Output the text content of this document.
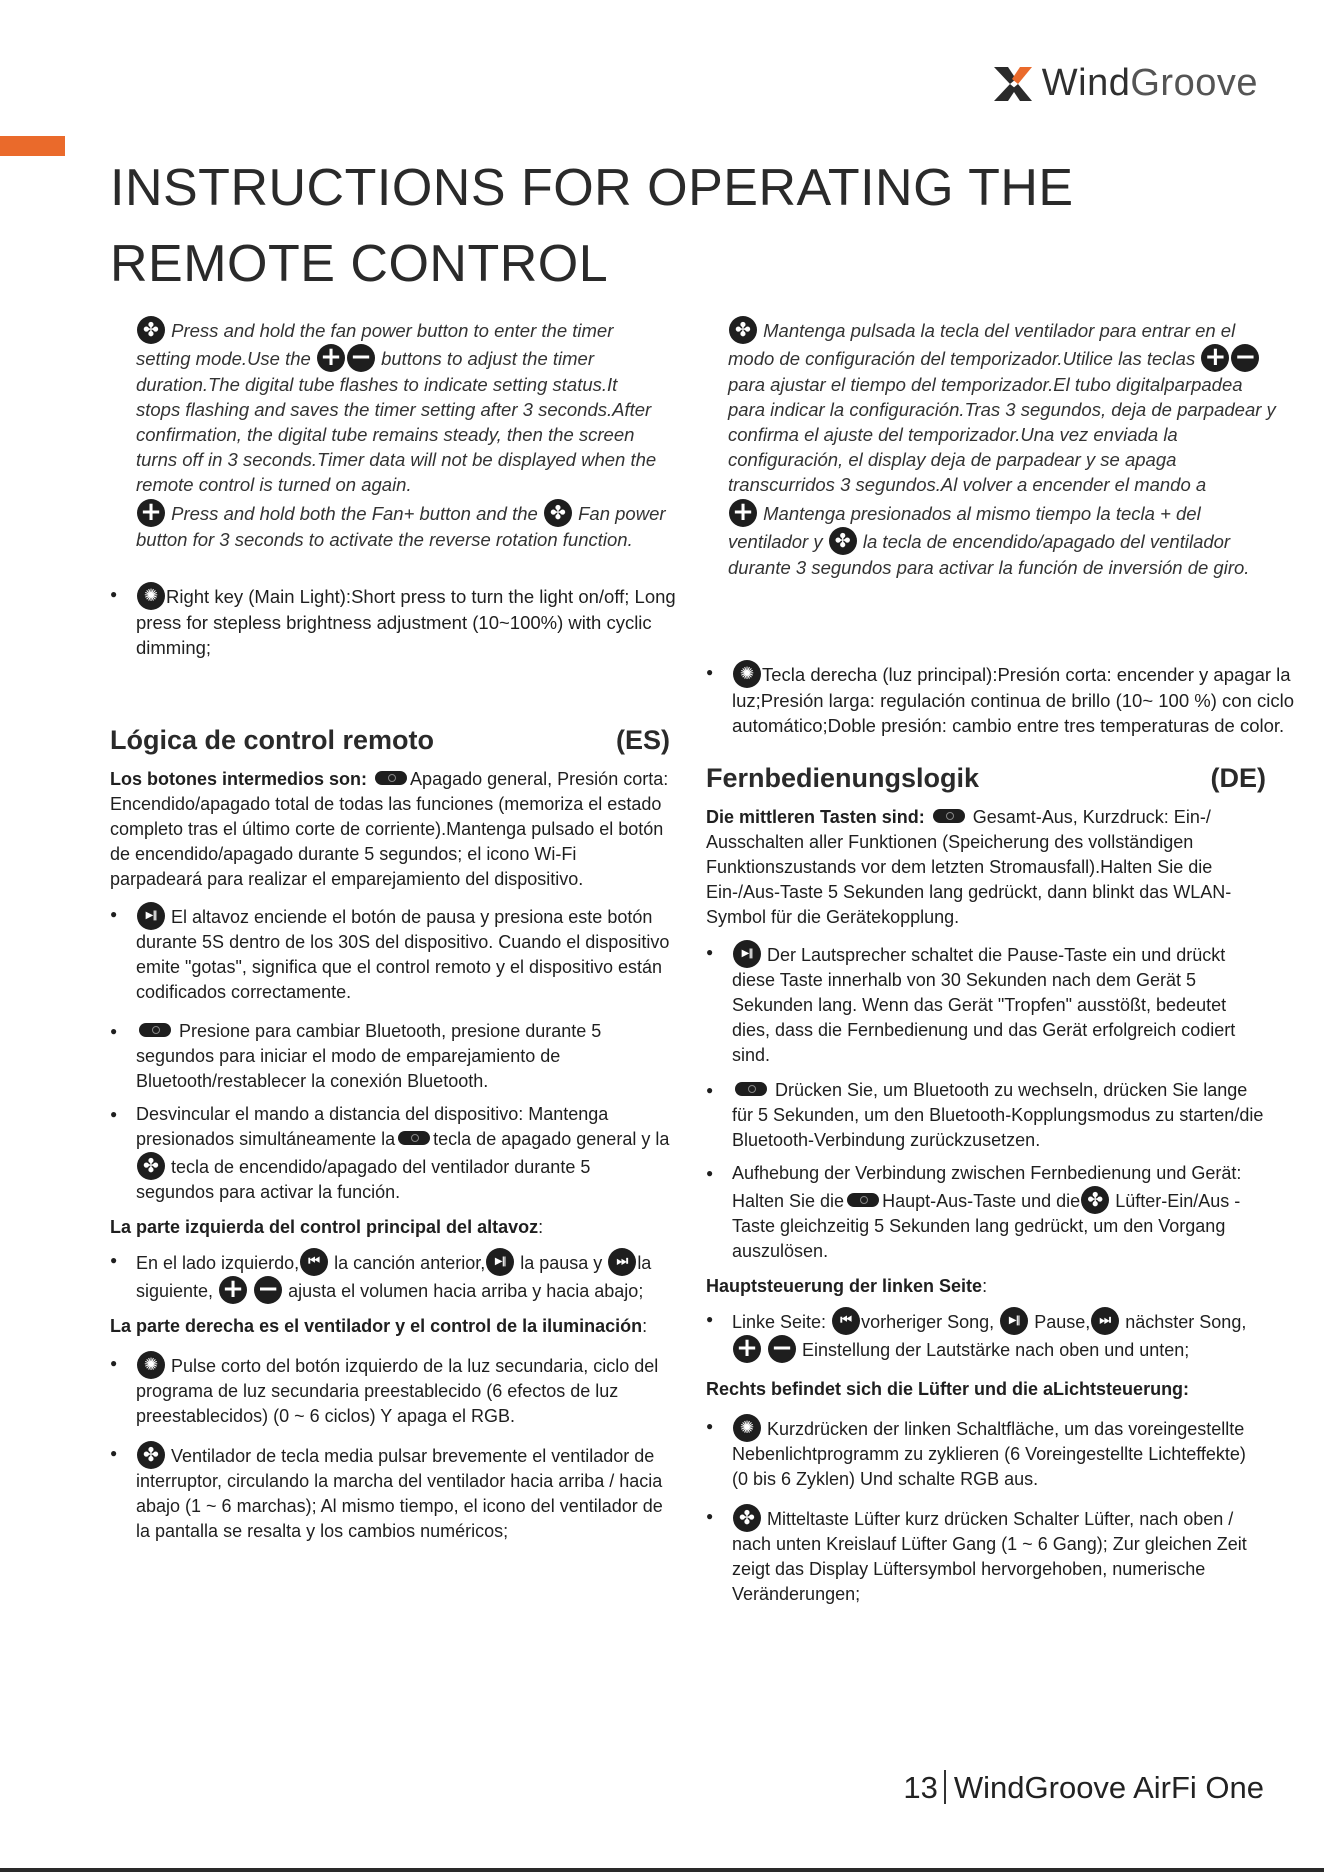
WindGroove
INSTRUCTIONS FOR OPERATING THE
REMOTE CONTROL

✤ Press and hold the fan power button to enter the timer setting mode.Use the + −	buttons to adjust the timer duration.The digital tube flashes to indicate setting status.It stops flashing and saves the timer setting after 3 seconds.After confirmation, the digital tube remains steady, then the screen turns off in 3 seconds.Timer data will not be displayed when the remote control is turned on again.

+ Press and hold both the Fan+ button and the ✤ Fan power button for 3 seconds to activate the reverse rotation function.

✺● Right key (Main Light):Short press to turn the light on/off; Long press for stepless brightness adjustment (10~100%) with cyclic dimming;

✤ Mantenga pulsada la tecla del ventilador para entrar en el modo de configuración del temporizador.Utilice las teclas +− para ajustar el tiempo del temporizador.El tubo digitalparpadea para indicar la configuración.Tras 3 segundos, deja de parpadear y confirma el ajuste del temporizador.Una vez enviada la configuración, el display deja de parpadear y se apaga transcurridos 3 segundos.Al volver a encender el mando a

+ Mantenga presionados al mismo tiempo la tecla + del ventilador y ✤ la tecla de encendido/apagado del ventilador durante 3 segundos para activar la función de inversión de giro.

✺● Tecla derecha (luz principal):Presión corta: encender y apagar la luz;Presión larga: regulación continua de brillo (10~ 100 %) con ciclo automático;Doble presión: cambio entre tres temperaturas de color.
Lógica de control remoto	(ES)

Los botones intermedios son: Apagado general, Presión corta: Encendido/apagado total de todas las funciones (memoriza el estado completo tras el último corte de corriente).Mantenga pulsado el botón de encendido/apagado durante 5 segundos; el icono Wi-Fi parpadeará para realizar el emparejamiento del dispositivo.

▶‖ ● El altavoz enciende el botón de pausa y presiona este botón durante 5S dentro de los 30S del dispositivo. Cuando el dispositivo emite "gotas", significa que el control remoto y el dispositivo están codificados correctamente.
● Presione para cambiar Bluetooth, presione durante 5 segundos para iniciar el modo de emparejamiento de Bluetooth/restablecer la conexión Bluetooth.
● Desvincular el mando a distancia del dispositivo: Mantenga presionados simultáneamente la tecla de apagado general y la ✤ tecla de encendido/apagado del ventilador durante 5 segundos para activar la función.

La parte izquierda del control principal del altavoz:

● En el lado izquierdo, ⏮ la canción anterior, ▶‖ la pausa y ⏭ la siguiente, + −	ajusta el volumen hacia arriba y hacia abajo;

La parte derecha es el ventilador y el control de la iluminación:

✺ ● Pulse corto del botón izquierdo de la luz secundaria, ciclo del programa de luz secundaria preestablecido (6 efectos de luz preestablecidos) (0 ~ 6 ciclos) Y apaga el RGB.
✤ ● Ventilador de tecla media pulsar brevemente el ventilador de interruptor, circulando la marcha del ventilador hacia arriba / hacia abajo (1 ~ 6 marchas); Al mismo tiempo, el icono del ventilador de la pantalla se resalta y los cambios numéricos;
Fernbedienungslogik	(DE)

Die mittleren Tasten sind:	Gesamt-Aus, Kurzdruck: Ein-/ Ausschalten aller Funktionen (Speicherung des vollständigen Funktionszustands vor dem letzten Stromausfall).Halten Sie die Ein-/Aus-Taste 5 Sekunden lang gedrückt, dann blinkt das WLAN-Symbol für die Gerätekopplung.

▶‖ ● Der Lautsprecher schaltet die Pause-Taste ein und drückt diese Taste innerhalb von 30 Sekunden nach dem Gerät 5 Sekunden lang. Wenn das Gerät "Tropfen" ausstößt, bedeutet dies, dass die Fernbedienung und das Gerät erfolgreich codiert sind.
● Drücken Sie, um Bluetooth zu wechseln, drücken Sie lange für 5 Sekunden, um den Bluetooth-Kopplungsmodus zu starten/die Bluetooth-Verbindung zurückzusetzen.
● Aufhebung der Verbindung zwischen Fernbedienung und Gerät: Halten Sie die Haupt-Aus-Taste und die ✤ Lüfter-Ein/Aus -Taste gleichzeitig 5 Sekunden lang gedrückt, um den Vorgang auszulösen.

Hauptsteuerung der linken Seite:

● Linke Seite: ⏮ vorheriger Song, ▶‖ Pause, ⏭ nächster Song, + − Einstellung der Lautstärke nach oben und unten;

Rechts befindet sich die Lüfter und die aLichtsteuerung:

✺ ● Kurzdrücken der linken Schaltfläche, um das voreingestellte Nebenlichtprogramm zu zyklieren (6 Voreingestellte Lichteffekte) (0 bis 6 Zyklen) Und schalte RGB aus.
✤ ● Mitteltaste Lüfter kurz drücken Schalter Lüfter, nach oben / nach unten Kreislauf Lüfter Gang (1 ~ 6 Gang); Zur gleichen Zeit zeigt das Display Lüftersymbol hervorgehoben, numerische Veränderungen;
13 WindGroove AirFi One
